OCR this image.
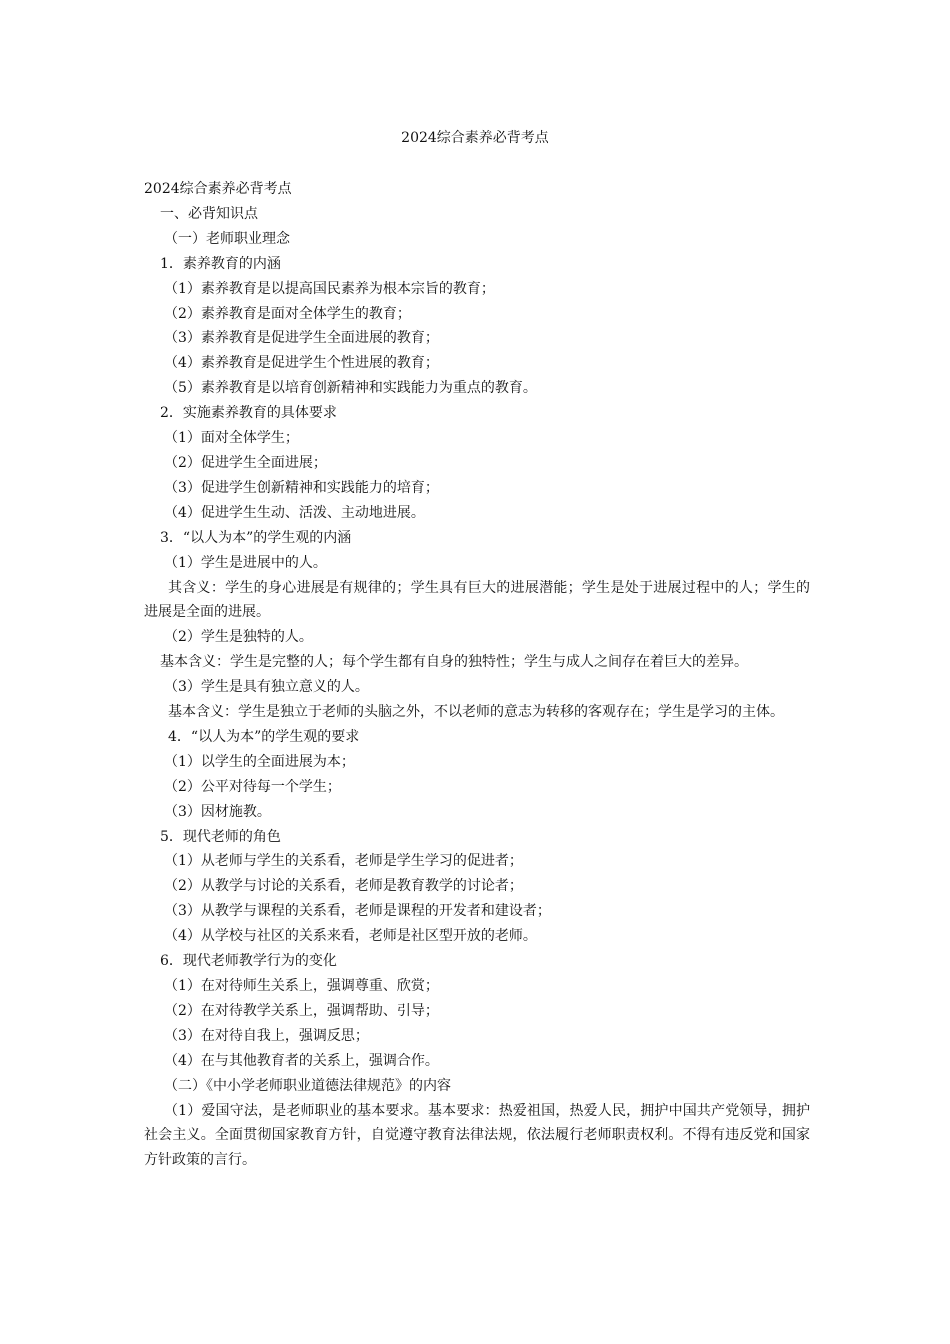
2024综合素养必背考点
2024综合素养必背考点
一、必背知识点
（一）老师职业理念
1．素养教育的内涵
（1）素养教育是以提高国民素养为根本宗旨的教育；
（2）素养教育是面对全体学生的教育；
（3）素养教育是促进学生全面进展的教育；
（4）素养教育是促进学生个性进展的教育；
（5）素养教育是以培育创新精神和实践能力为重点的教育。
2．实施素养教育的具体要求
（1）面对全体学生；
（2）促进学生全面进展；
（3）促进学生创新精神和实践能力的培育；
（4）促进学生生动、活泼、主动地进展。
3．“以人为本”的学生观的内涵
（1）学生是进展中的人。
其含义：学生的身心进展是有规律的；学生具有巨大的进展潜能；学生是处于进展过程中的人；学生的进展是全面的进展。
（2）学生是独特的人。
基本含义：学生是完整的人；每个学生都有自身的独特性；学生与成人之间存在着巨大的差异。
（3）学生是具有独立意义的人。
基本含义：学生是独立于老师的头脑之外，不以老师的意志为转移的客观存在；学生是学习的主体。
4．“以人为本”的学生观的要求
（1）以学生的全面进展为本；
（2）公平对待每一个学生；
（3）因材施教。
5．现代老师的角色
（1）从老师与学生的关系看，老师是学生学习的促进者；
（2）从教学与讨论的关系看，老师是教育教学的讨论者；
（3）从教学与课程的关系看，老师是课程的开发者和建设者；
（4）从学校与社区的关系来看，老师是社区型开放的老师。
6．现代老师教学行为的变化
（1）在对待师生关系上，强调尊重、欣赏；
（2）在对待教学关系上，强调帮助、引导；
（3）在对待自我上，强调反思；
（4）在与其他教育者的关系上，强调合作。
（二）《中小学老师职业道德法律规范》的内容
（1）爱国守法，是老师职业的基本要求。基本要求：热爱祖国，热爱人民，拥护中国共产党领导，拥护社会主义。全面贯彻国家教育方针，自觉遵守教育法律法规，依法履行老师职责权利。不得有违反党和国家方针政策的言行。
